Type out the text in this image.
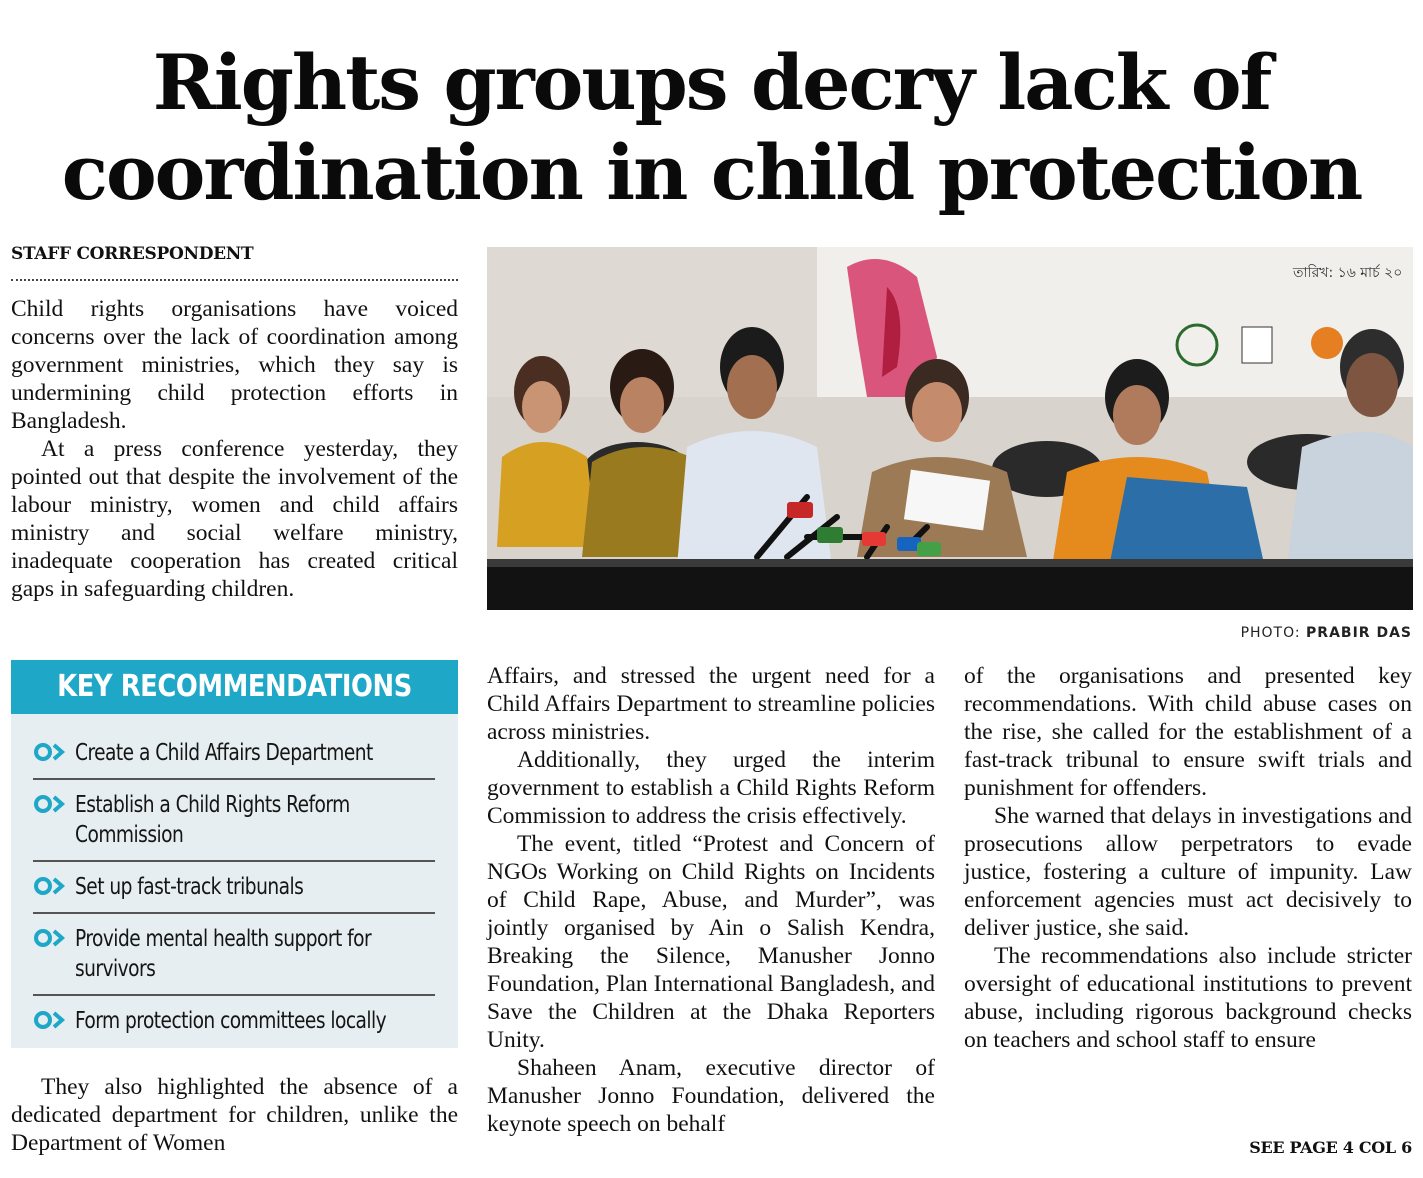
Rights groups decry lack of
coordination in child protection
STAFF CORRESPONDENT

Child rights organisations have voiced concerns over the lack of coordination among government ministries, which they say is undermining child protection efforts in Bangladesh.

At a press conference yesterday, they pointed out that despite the involvement of the labour ministry, women and child affairs ministry and social welfare ministry, inadequate cooperation has created critical gaps in safeguarding children.

তারিখ: ১৬ মার্চ ২০
PHOTO: PRABIR DAS
KEY RECOMMENDATIONS
Create a Child Affairs Department
Establish a Child Rights Reform Commission
Set up fast-track tribunals
Provide mental health support for survivors
Form protection committees locally

They also highlighted the absence of a dedicated department for children, unlike the Department of Women

Affairs, and stressed the urgent need for a Child Affairs Department to streamline policies across ministries.

Additionally, they urged the interim government to establish a Child Rights Reform Commission to address the crisis effectively.

The event, titled “Protest and Concern of NGOs Working on Child Rights on Incidents of Child Rape, Abuse, and Murder”, was jointly organised by Ain o Salish Kendra, Breaking the Silence, Manusher Jonno Foundation, Plan International Bangladesh, and Save the Children at the Dhaka Reporters Unity.

Shaheen Anam, executive director of Manusher Jonno Foundation, delivered the keynote speech on behalf

of the organisations and presented key recommendations. With child abuse cases on the rise, she called for the establishment of a fast-track tribunal to ensure swift trials and punishment for offenders.

She warned that delays in investigations and prosecutions allow perpetrators to evade justice, fostering a culture of impunity. Law enforcement agencies must act decisively to deliver justice, she said.

The recommendations also include stricter oversight of educational institutions to prevent abuse, including rigorous background checks on teachers and school staff to ensure

SEE PAGE 4 COL 6
